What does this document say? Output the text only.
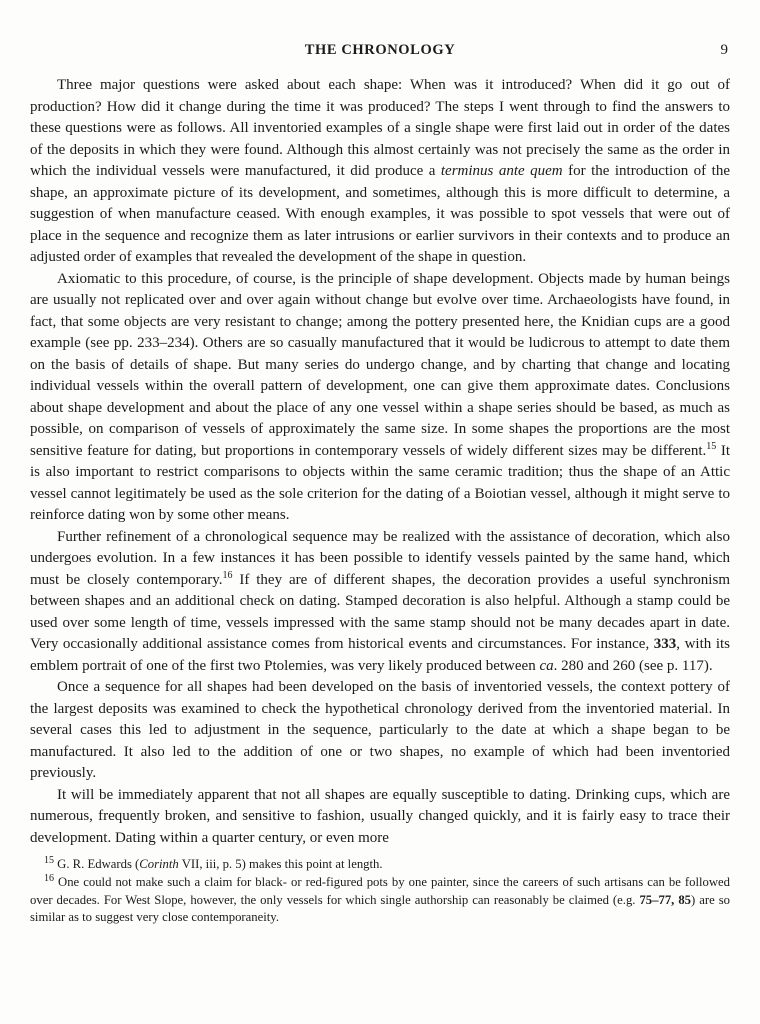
THE CHRONOLOGY	9

Three major questions were asked about each shape: When was it introduced? When did it go out of production? How did it change during the time it was produced? The steps I went through to find the answers to these questions were as follows. All inventoried examples of a single shape were first laid out in order of the dates of the deposits in which they were found. Although this almost certainly was not precisely the same as the order in which the individual vessels were manufactured, it did produce a terminus ante quem for the introduction of the shape, an approximate picture of its development, and sometimes, although this is more difficult to determine, a suggestion of when manufacture ceased. With enough examples, it was possible to spot vessels that were out of place in the sequence and recognize them as later intrusions or earlier survivors in their contexts and to produce an adjusted order of examples that revealed the development of the shape in question.

Axiomatic to this procedure, of course, is the principle of shape development. Objects made by human beings are usually not replicated over and over again without change but evolve over time. Archaeologists have found, in fact, that some objects are very resistant to change; among the pottery presented here, the Knidian cups are a good example (see pp. 233–234). Others are so casually manufactured that it would be ludicrous to attempt to date them on the basis of details of shape. But many series do undergo change, and by charting that change and locating individual vessels within the overall pattern of development, one can give them approximate dates. Conclusions about shape development and about the place of any one vessel within a shape series should be based, as much as possible, on comparison of vessels of approximately the same size. In some shapes the proportions are the most sensitive feature for dating, but proportions in contemporary vessels of widely different sizes may be different.$^{15}$ It is also important to restrict comparisons to objects within the same ceramic tradition; thus the shape of an Attic vessel cannot legitimately be used as the sole criterion for the dating of a Boiotian vessel, although it might serve to reinforce dating won by some other means.

Further refinement of a chronological sequence may be realized with the assistance of decoration, which also undergoes evolution. In a few instances it has been possible to identify vessels painted by the same hand, which must be closely contemporary.$^{16}$ If they are of different shapes, the decoration provides a useful synchronism between shapes and an additional check on dating. Stamped decoration is also helpful. Although a stamp could be used over some length of time, vessels impressed with the same stamp should not be many decades apart in date. Very occasionally additional assistance comes from historical events and circumstances. For instance, 333, with its emblem portrait of one of the first two Ptolemies, was very likely produced between ca. 280 and 260 (see p. 117).

Once a sequence for all shapes had been developed on the basis of inventoried vessels, the context pottery of the largest deposits was examined to check the hypothetical chronology derived from the inventoried material. In several cases this led to adjustment in the sequence, particularly to the date at which a shape began to be manufactured. It also led to the addition of one or two shapes, no example of which had been inventoried previously.

It will be immediately apparent that not all shapes are equally susceptible to dating. Drinking cups, which are numerous, frequently broken, and sensitive to fashion, usually changed quickly, and it is fairly easy to trace their development. Dating within a quarter century, or even more

$^{15}$ G. R. Edwards (Corinth VII, iii, p. 5) makes this point at length.

$^{16}$ One could not make such a claim for black- or red-figured pots by one painter, since the careers of such artisans can be followed over decades. For West Slope, however, the only vessels for which single authorship can reasonably be claimed (e.g. 75–77, 85) are so similar as to suggest very close contemporaneity.
